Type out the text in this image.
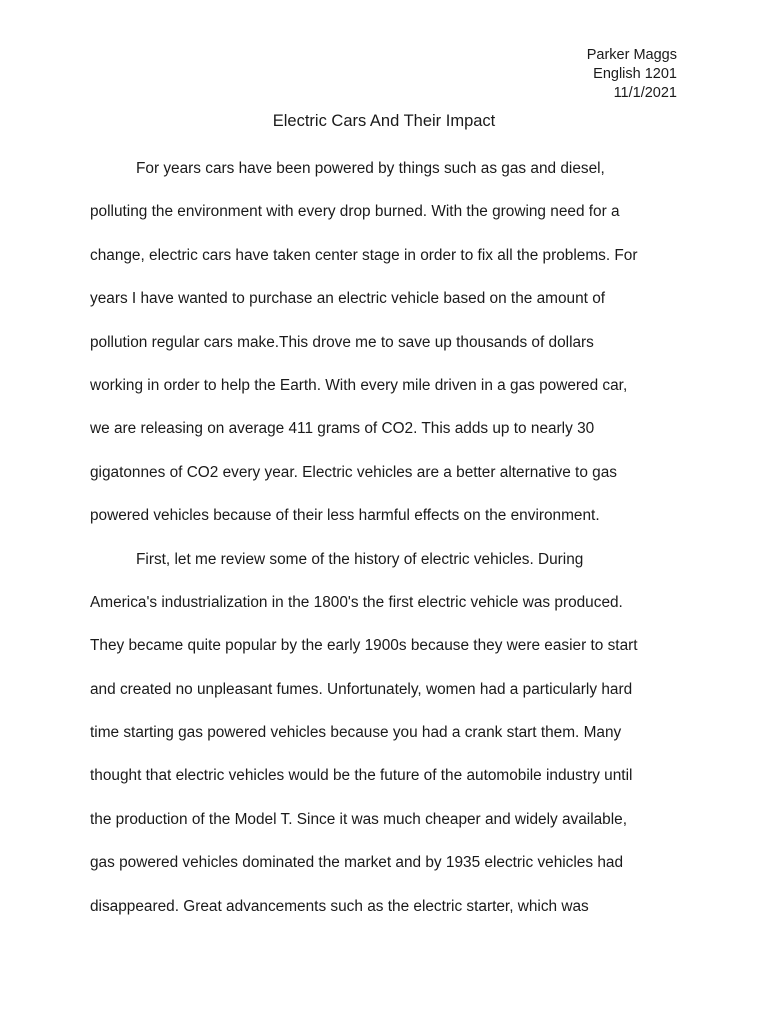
Parker Maggs
English 1201
11/1/2021
Electric Cars And Their Impact
For years cars have been powered by things such as gas and diesel,
polluting the environment with every drop burned. With the growing need for a
change, electric cars have taken center stage in order to fix all the problems. For
years I have wanted to purchase an electric vehicle based on the amount of
pollution regular cars make.This drove me to save up thousands of dollars
working in order to help the Earth. With every mile driven in a gas powered car,
we are releasing on average 411 grams of CO2. This adds up to nearly 30
gigatonnes of CO2 every year. Electric vehicles are a better alternative to gas
powered vehicles because of their less harmful effects on the environment.
First, let me review some of the history of electric vehicles. During
America's industrialization in the 1800's the first electric vehicle was produced.
They became quite popular by the early 1900s because they were easier to start
and created no unpleasant fumes. Unfortunately, women had a particularly hard
time starting gas powered vehicles because you had a crank start them. Many
thought that electric vehicles would be the future of the automobile industry until
the production of the Model T. Since it was much cheaper and widely available,
gas powered vehicles dominated the market and by 1935 electric vehicles had
disappeared. Great advancements such as the electric starter, which was
